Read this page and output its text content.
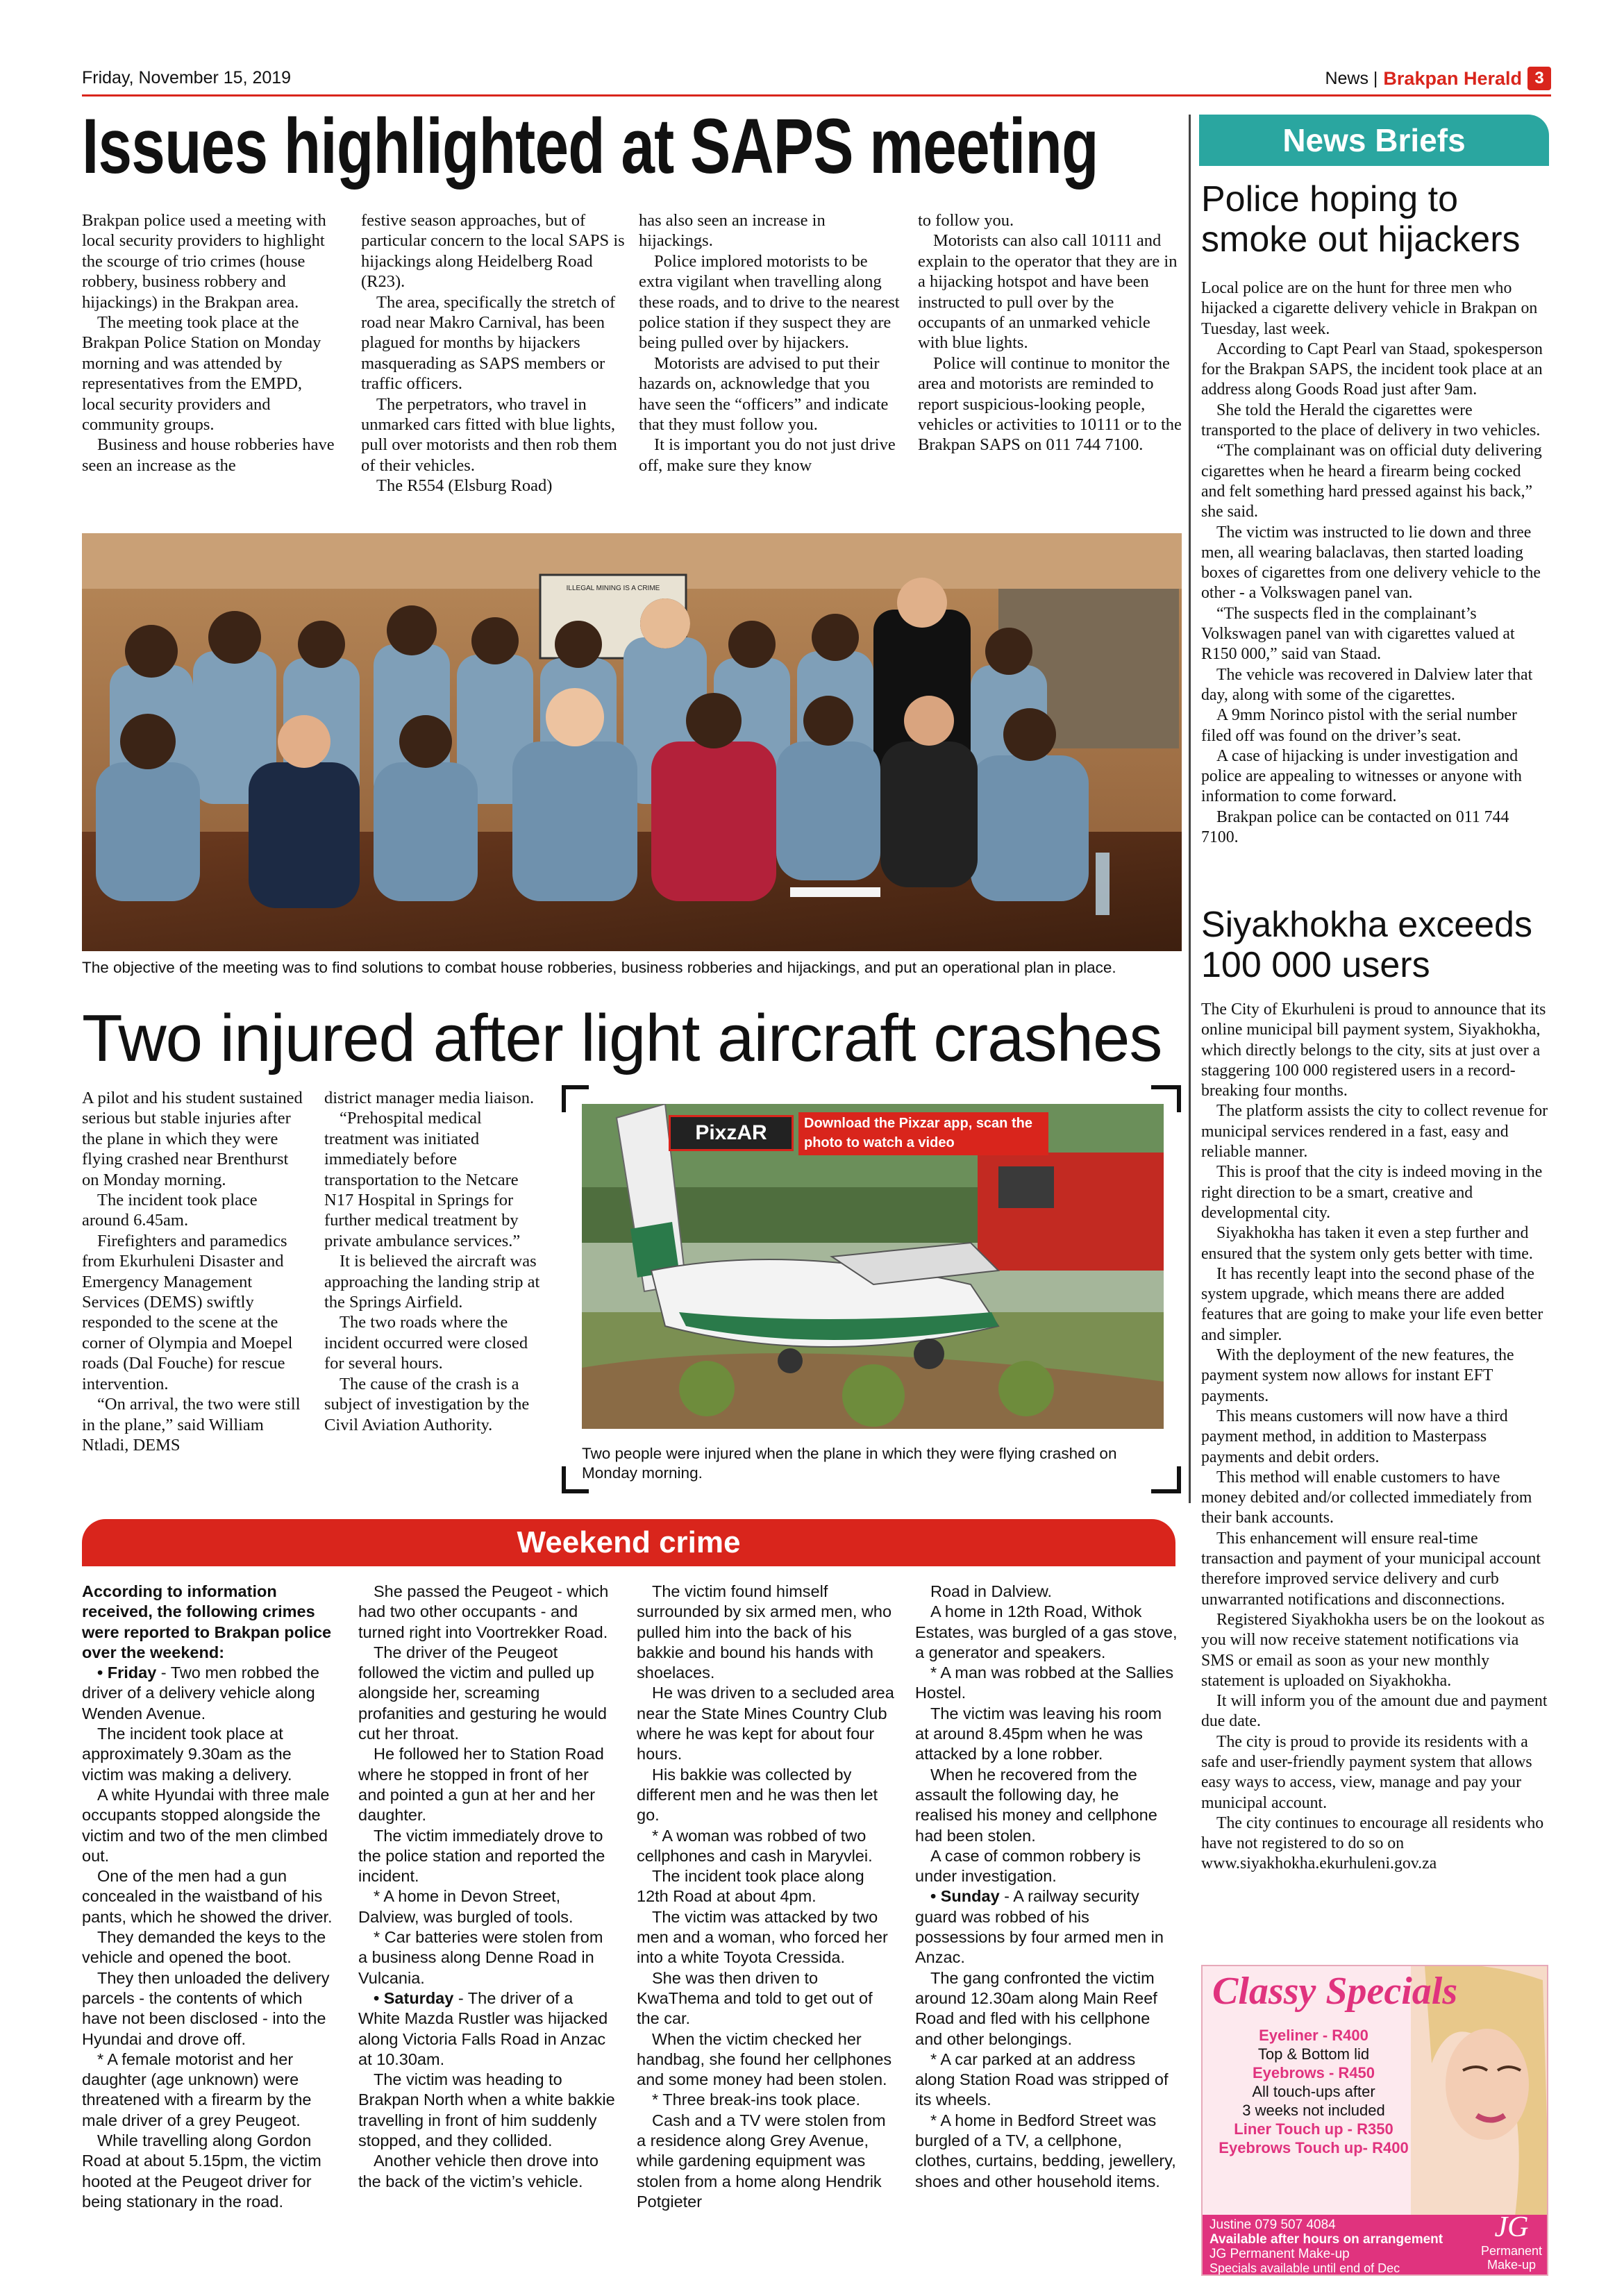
Friday, November 15, 2019	News | Brakpan Herald 3
Issues highlighted at SAPS meeting

Brakpan police used a meeting with local security providers to highlight the scourge of trio crimes (house robbery, business robbery and hijackings) in the Brakpan area.

The meeting took place at the Brakpan Police Station on Monday morning and was attended by representatives from the EMPD, local security providers and community groups.

Business and house robberies have seen an increase as the

festive season approaches, but of particular concern to the local SAPS is hijackings along Heidelberg Road (R23).

The area, specifically the stretch of road near Makro Carnival, has been plagued for months by hijackers masquerading as SAPS members or traffic officers.

The perpetrators, who travel in unmarked cars fitted with blue lights, pull over motorists and then rob them of their vehicles.

The R554 (Elsburg Road)

has also seen an increase in hijackings.

Police implored motorists to be extra vigilant when travelling along these roads, and to drive to the nearest police station if they suspect they are being pulled over by hijackers.

Motorists are advised to put their hazards on, acknowledge that you have seen the “officers” and indicate that they must follow you.

It is important you do not just drive off, make sure they know

to follow you.

Motorists can also call 10111 and explain to the operator that they are in a hijacking hotspot and have been instructed to pull over by the occupants of an unmarked vehicle with blue lights.

Police will continue to monitor the area and motorists are reminded to report suspicious-looking people, vehicles or activities to 10111 or to the Brakpan SAPS on 011 744 7100.

ILLEGAL MINING IS A CRIME
The objective of the meeting was to find solutions to combat house robberies, business robberies and hijackings, and put an operational plan in place.
Two injured after light aircraft crashes

A pilot and his student sustained serious but stable injuries after the plane in which they were flying crashed near Brenthurst on Monday morning.

The incident took place around 6.45am.

Firefighters and paramedics from Ekurhuleni Disaster and Emergency Management Services (DEMS) swiftly responded to the scene at the corner of Olympia and Moepel roads (Dal Fouche) for rescue intervention.

“On arrival, the two were still in the plane,” said William Ntladi, DEMS

district manager media liaison.

“Prehospital medical treatment was initiated immediately before transportation to the Netcare N17 Hospital in Springs for further medical treatment by private ambulance services.”

It is believed the aircraft was approaching the landing strip at the Springs Airfield.

The two roads where the incident occurred were closed for several hours.

The cause of the crash is a subject of investigation by the Civil Aviation Authority.

PixzAR	Download the Pixzar app, scan the photo to watch a video
Two people were injured when the plane in which they were flying crashed on Monday morning.
News Briefs
Police hoping to smoke out hijackers

Local police are on the hunt for three men who hijacked a cigarette delivery vehicle in Brakpan on Tuesday, last week.

According to Capt Pearl van Staad, spokesperson for the Brakpan SAPS, the incident took place at an address along Goods Road just after 9am.

She told the Herald the cigarettes were transported to the place of delivery in two vehicles.

“The complainant was on official duty delivering cigarettes when he heard a firearm being cocked and felt something hard pressed against his back,” she said.

The victim was instructed to lie down and three men, all wearing balaclavas, then started loading boxes of cigarettes from one delivery vehicle to the other - a Volkswagen panel van.

“The suspects fled in the complainant’s Volkswagen panel van with cigarettes valued at R150 000,” said van Staad.

The vehicle was recovered in Dalview later that day, along with some of the cigarettes.

A 9mm Norinco pistol with the serial number filed off was found on the driver’s seat.

A case of hijacking is under investigation and police are appealing to witnesses or anyone with information to come forward.

Brakpan police can be contacted on 011 744 7100.

Siyakhokha exceeds 100 000 users

The City of Ekurhuleni is proud to announce that its online municipal bill payment system, Siyakhokha, which directly belongs to the city, sits at just over a staggering 100 000 registered users in a record-breaking four months.

The platform assists the city to collect revenue for municipal services rendered in a fast, easy and reliable manner.

This is proof that the city is indeed moving in the right direction to be a smart, creative and developmental city.

Siyakhokha has taken it even a step further and ensured that the system only gets better with time.

It has recently leapt into the second phase of the system upgrade, which means there are added features that are going to make your life even better and simpler.

With the deployment of the new features, the payment system now allows for instant EFT payments.

This means customers will now have a third payment method, in addition to Masterpass payments and debit orders.

This method will enable customers to have money debited and/or collected immediately from their bank accounts.

This enhancement will ensure real-time transaction and payment of your municipal account therefore improved service delivery and curb unwarranted notifications and disconnections.

Registered Siyakhokha users be on the lookout as you will now receive statement notifications via SMS or email as soon as your new monthly statement is uploaded on Siyakhokha.

It will inform you of the amount due and payment due date.

The city is proud to provide its residents with a safe and user-friendly payment system that allows easy ways to access, view, manage and pay your municipal account.

The city continues to encourage all residents who have not registered to do so on www.siyakhokha.ekurhuleni.gov.za

Weekend crime

According to information received, the following crimes were reported to Brakpan police over the weekend:

• Friday - Two men robbed the driver of a delivery vehicle along Wenden Avenue.

The incident took place at approximately 9.30am as the victim was making a delivery.

A white Hyundai with three male occupants stopped alongside the victim and two of the men climbed out.

One of the men had a gun concealed in the waistband of his pants, which he showed the driver.

They demanded the keys to the vehicle and opened the boot.

They then unloaded the delivery parcels - the contents of which have not been disclosed - into the Hyundai and drove off.

* A female motorist and her daughter (age unknown) were threatened with a firearm by the male driver of a grey Peugeot.

While travelling along Gordon Road at about 5.15pm, the victim hooted at the Peugeot driver for being stationary in the road.

She passed the Peugeot - which had two other occupants - and turned right into Voortrekker Road.

The driver of the Peugeot followed the victim and pulled up alongside her, screaming profanities and gesturing he would cut her throat.

He followed her to Station Road where he stopped in front of her and pointed a gun at her and her daughter.

The victim immediately drove to the police station and reported the incident.

* A home in Devon Street, Dalview, was burgled of tools.

* Car batteries were stolen from a business along Denne Road in Vulcania.

• Saturday - The driver of a White Mazda Rustler was hijacked along Victoria Falls Road in Anzac at 10.30am.

The victim was heading to Brakpan North when a white bakkie travelling in front of him suddenly stopped, and they collided.

Another vehicle then drove into the back of the victim’s vehicle.

The victim found himself surrounded by six armed men, who pulled him into the back of his bakkie and bound his hands with shoelaces.

He was driven to a secluded area near the State Mines Country Club where he was kept for about four hours.

His bakkie was collected by different men and he was then let go.

* A woman was robbed of two cellphones and cash in Maryvlei.

The incident took place along 12th Road at about 4pm.

The victim was attacked by two men and a woman, who forced her into a white Toyota Cressida.

She was then driven to KwaThema and told to get out of the car.

When the victim checked her handbag, she found her cellphones and some money had been stolen.

* Three break-ins took place.

Cash and a TV were stolen from a residence along Grey Avenue, while gardening equipment was stolen from a home along Hendrik Potgieter

Road in Dalview.

A home in 12th Road, Withok Estates, was burgled of a gas stove, a generator and speakers.

* A man was robbed at the Sallies Hostel.

The victim was leaving his room at around 8.45pm when he was attacked by a lone robber.

When he recovered from the assault the following day, he realised his money and cellphone had been stolen.

A case of common robbery is under investigation.

• Sunday - A railway security guard was robbed of his possessions by four armed men in Anzac.

The gang confronted the victim around 12.30am along Main Reef Road and fled with his cellphone and other belongings.

* A car parked at an address along Station Road was stripped of its wheels.

* A home in Bedford Street was burgled of a TV, a cellphone, clothes, curtains, bedding, jewellery, shoes and other household items.

Classy Specials
Eyeliner - R400
Top & Bottom lid
Eyebrows - R450
All touch-ups after
3 weeks not included
Liner Touch up - R350
Eyebrows Touch up- R400
Justine 079 507 4084
Available after hours on arrangement
JG Permanent Make-up
Specials available until end of Dec
JG
Permanent Make-up
